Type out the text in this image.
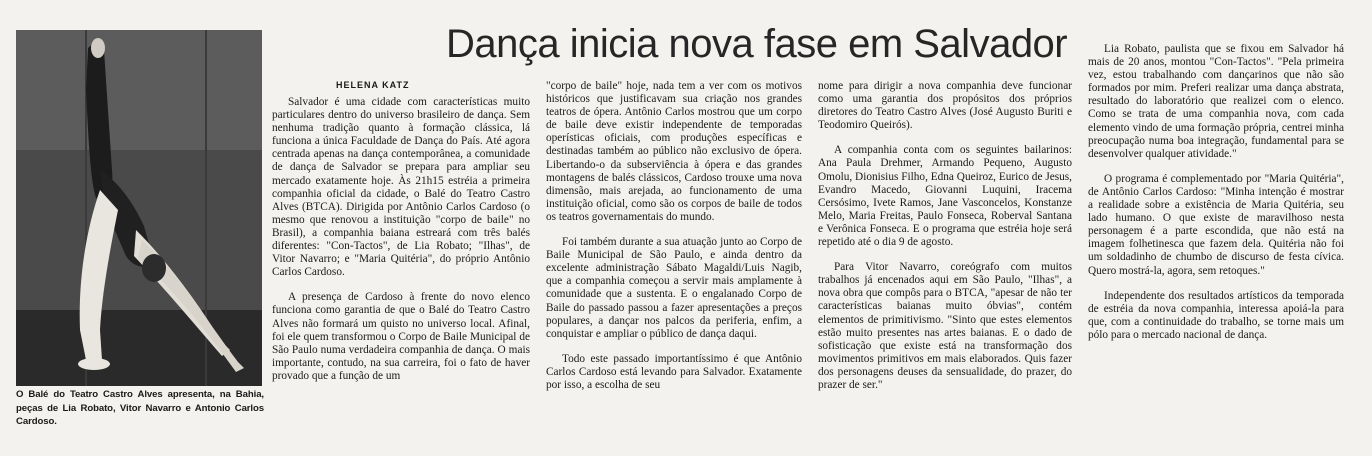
O Balé do Teatro Castro Alves apresenta, na Bahia, peças de Lia Robato, Vitor Navarro e Antonio Carlos Cardoso.
Dança inicia nova fase em Salvador
HELENA KATZ

Salvador é uma cidade com características muito particulares dentro do universo brasileiro de dança. Sem nenhuma tradição quanto à formação clássica, lá funciona a única Faculdade de Dança do País. Até agora centrada apenas na dança contemporânea, a comunidade de dança de Salvador se prepara para ampliar seu mercado exatamente hoje. Às 21h15 estréia a primeira companhia oficial da cidade, o Balé do Teatro Castro Alves (BTCA). Dirigida por Antônio Carlos Cardoso (o mesmo que renovou a instituição "corpo de baile" no Brasil), a companhia baiana estreará com três balés diferentes: "Con-Tactos", de Lia Robato; "Ilhas", de Vitor Navarro; e "Maria Quitéria", do próprio Antônio Carlos Cardoso.

A presença de Cardoso à frente do novo elenco funciona como garantia de que o Balé do Teatro Castro Alves não formará um quisto no universo local. Afinal, foi ele quem transformou o Corpo de Baile Municipal de São Paulo numa verdadeira companhia de dança. O mais importante, contudo, na sua carreira, foi o fato de haver provado que a função de um

"corpo de baile" hoje, nada tem a ver com os motivos históricos que justificavam sua criação nos grandes teatros de ópera. Antônio Carlos mostrou que um corpo de baile deve existir independente de temporadas operísticas oficiais, com produções específicas e destinadas também ao público não exclusivo de ópera. Libertando-o da subserviência à ópera e das grandes montagens de balés clássicos, Cardoso trouxe uma nova dimensão, mais arejada, ao funcionamento de uma instituição oficial, como são os corpos de baile de todos os teatros governamentais do mundo.

Foi também durante a sua atuação junto ao Corpo de Baile Municipal de São Paulo, e ainda dentro da excelente administração Sábato Magaldi/Luis Nagib, que a companhia começou a servir mais amplamente à comunidade que a sustenta. E o engalanado Corpo de Baile do passado passou a fazer apresentações a preços populares, a dançar nos palcos da periferia, enfim, a conquistar e ampliar o público de dança daqui.

Todo este passado importantíssimo é que Antônio Carlos Cardoso está levando para Salvador. Exatamente por isso, a escolha de seu

nome para dirigir a nova companhia deve funcionar como uma garantia dos propósitos dos próprios diretores do Teatro Castro Alves (José Augusto Buriti e Teodomiro Queirós).

A companhia conta com os seguintes bailarinos: Ana Paula Drehmer, Armando Pequeno, Augusto Omolu, Dionisius Filho, Edna Queiroz, Eurico de Jesus, Evandro Macedo, Giovanni Luquini, Iracema Cersósimo, Ivete Ramos, Jane Vasconcelos, Konstanze Melo, Maria Freitas, Paulo Fonseca, Roberval Santana e Verônica Fonseca. E o programa que estréia hoje será repetido até o dia 9 de agosto.

Para Vitor Navarro, coreógrafo com muitos trabalhos já encenados aqui em São Paulo, "Ilhas", a nova obra que compôs para o BTCA, "apesar de não ter características baianas muito óbvias", contém elementos de primitivismo. "Sinto que estes elementos estão muito presentes nas artes baianas. E o dado de sofisticação que existe está na transformação dos movimentos primitivos em mais elaborados. Quis fazer dos personagens deuses da sensualidade, do prazer, do prazer de ser."

Lia Robato, paulista que se fixou em Salvador há mais de 20 anos, montou "Con-Tactos". "Pela primeira vez, estou trabalhando com dançarinos que não são formados por mim. Preferi realizar uma dança abstrata, resultado do laboratório que realizei com o elenco. Como se trata de uma companhia nova, com cada elemento vindo de uma formação própria, centrei minha preocupação numa boa integração, fundamental para se desenvolver qualquer atividade."

O programa é complementado por "Maria Quitéria", de Antônio Carlos Cardoso: "Minha intenção é mostrar a realidade sobre a existência de Maria Quitéria, seu lado humano. O que existe de maravilhoso nesta personagem é a parte escondida, que não está na imagem folhetinesca que fazem dela. Quitéria não foi um soldadinho de chumbo de discurso de festa cívica. Quero mostrá-la, agora, sem retoques."

Independente dos resultados artísticos da temporada de estréia da nova companhia, interessa apoiá-la para que, com a continuidade do trabalho, se torne mais um pólo para o mercado nacional de dança.
